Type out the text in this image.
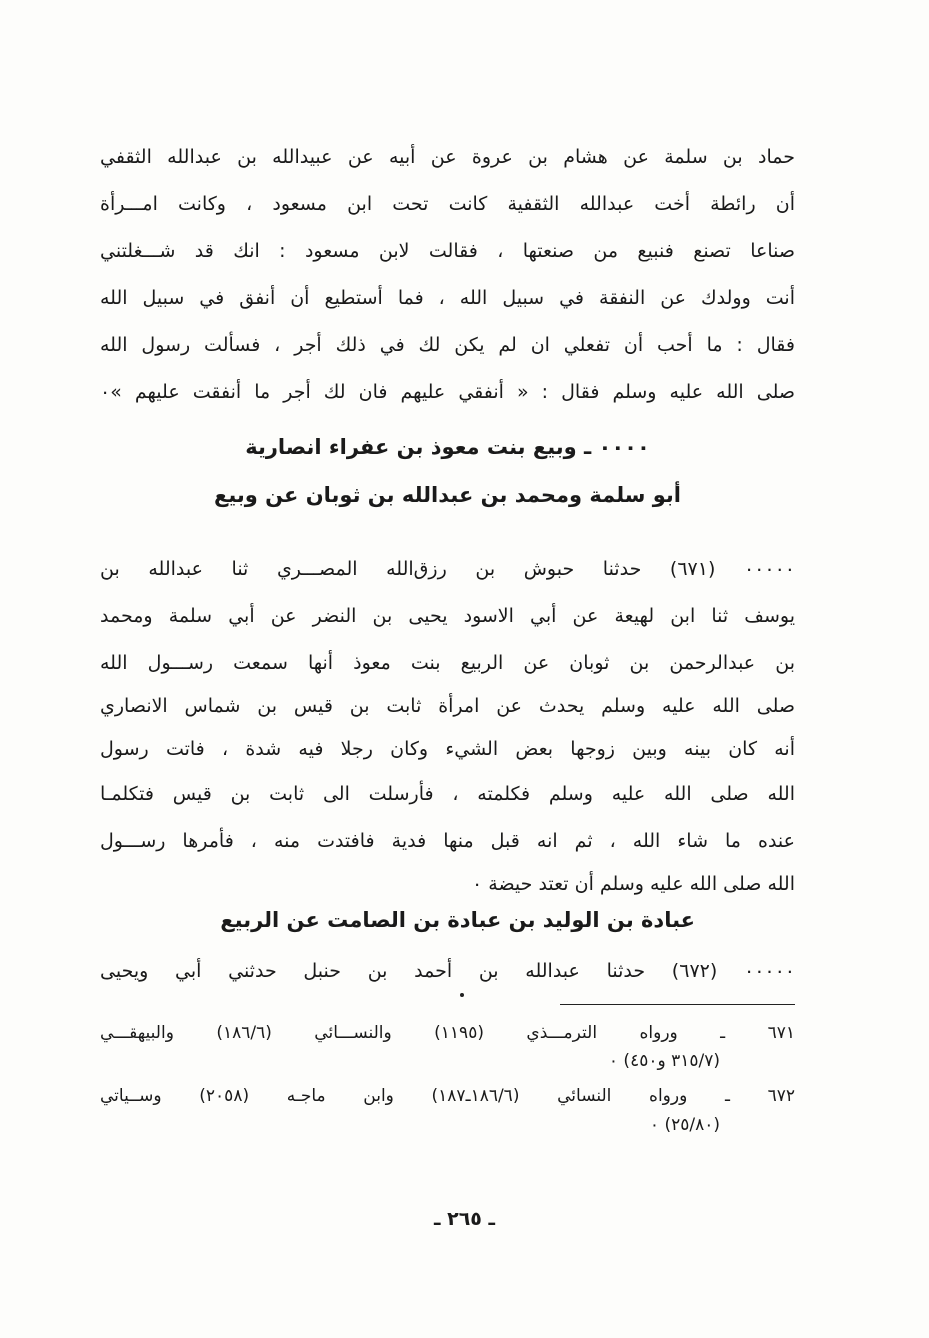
حماد بن سلمة عن هشام بن عروة عن أبيه عن عبيدالله بن عبدالله الثقفي
أن رائطة أخت عبدالله الثقفية كانت تحت ابن مسعود ، وكانت امـــرأة
صناعا تصنع فنبيع من صنعتها ، فقالت لابن مسعود : انك قد شـــغلتني
أنت وولدك عن النفقة في سبيل الله ، فما أستطيع أن أنفق في سبيل الله
فقال : ما أحب أن تفعلي ان لم يكن لك في ذلك أجر ، فسألت رسول الله
صلى الله عليه وسلم فقال : « أنفقي عليهم فان لك أجر ما أنفقت عليهم »٠
٠٠٠٠ ـ وبيع بنت معوذ بن عفراء انصارية
أبو سلمة ومحمد بن عبدالله بن ثوبان عن وبيع
٠٠٠٠٠ (٦٧١) حدثنا حبوش بن رزق‌الله المصـــري ثنا عبدالله بن
يوسف ثنا ابن لهيعة عن أبي الاسود يحيى بن النضر عن أبي سلمة ومحمد
بن عبدالرحمن بن ثوبان عن الربيع بنت معوذ أنها سمعت رســـول الله
صلى الله عليه وسلم يحدث عن امرأة ثابت بن قيس بن شماس الانصاري
أنه كان بينه وبين زوجها بعض الشيء وكان رجلا فيه شدة ، فاتت رسول
الله صلى الله عليه وسلم فكلمته ، فأرسلت الى ثابت بن قيس فتكلمـا
عنده ما شاء الله ، ثم انه قبل منها فدية فافتدت منه ، فأمرها رســـول
الله صلى الله عليه وسلم أن تعتد حيضة ٠
عبادة بن الوليد بن عبادة بن الصامت عن الربيع
٠٠٠٠٠ (٦٧٢) حدثنا عبدالله بن أحمد بن حنبل حدثني أبي ويحيى
٦٧١ ـ ورواه الترمـــذي (١١٩٥) والنســـائي (١٨٦/٦) والبيهقـــي
(٣١٥/٧ و٤٥٠) ٠
٦٧٢ ـ ورواه النسائي (١٨٦/٦ـ١٨٧) وابن ماجـه (٢٠٥٨) وســياتي
(٢٥/٨٠) ٠
ـ ٢٦٥ ـ
